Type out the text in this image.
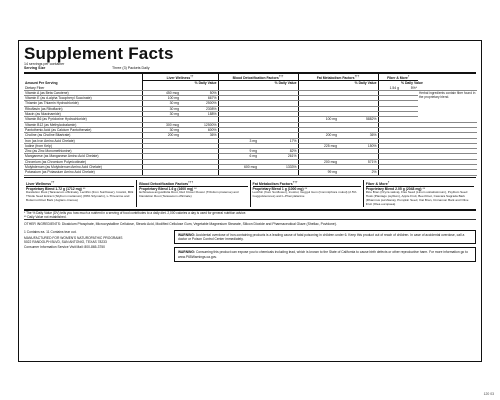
Supplement Facts
14 servings per container
Serving Size	Three (3) Packets Daily
	Liver Wellness††		Blood Detoxification Factors†††		Fat Metabolism Factors†††		Fiber & More†	
Amount Per Serving		% Daily Value		% Daily Value		% Daily Value		% Daily Value	
Dietary Fiber							1.54 g	5%*	
Vitamin A (as Beta Carotene)	450 mcg	50%							Herbal ingredients contain fiber found in the proprietary blend.
Vitamin E (as d-alpha Tocopheryl Succinate)	100 mg	667%							
Thiamin (as Thiamin Hydrochloride)	30 mg	2500%							
Riboflavin (as Riboflavin)	30 mg	2308%							
Niacin (as Niacinamide)	30 mg	188%							
Vitamin B6 (as Pyridoxine Hydrochloride)					100 mg	5882%			
Vitamin B12 (as Methylcobalamin)	300 mcg	12500%							
Pantothenic Acid (as Calcium Pantothenate)	30 mg	600%							
Choline (as Choline Bitartrate)	200 mg	36%			200 mg	36%			
Iron (as Iron Amino Acid Chelate)			3 mg	17%					
Iodine (from Kelp)					225 mcg	150%			
Zinc (as Zinc Monomethionine)			9 mg	82%					
Manganese (as Manganese Amino Acid Chelate)			6 mg	261%					
Chromium (as Chromium Polynicotinate)					200 mcg	571%			
Molybdenum (as Molybdenum Amino Acid Chelate)			600 mcg	1333%					
Potassium (as Potassium Amino Acid Chelate)					99 mg	2%			
Liver Wellness††
Proprietary Blend 1.72 g (1712 mg) **
Dandelion Root (Taraxacum officinale), Lecithin (from Sunflower), Inositol, Milk Thistle Seed Extract (Silybum marianum) (80% Silymarin), L-Threonine and Butternut Root Bark (Juglans cinerea)
Blood Detoxification Factors†††
Proprietary Blend 1.6 g (1600 mg) **
Echinacea angustifolia Root, Red Clover Flower (Trifolium pratense) and Dandelion Root (Taraxacum officinale)
Fat Metabolism Factors†††
Proprietary Blend 1 g (1000 mg) **
Lecithin (from Sunflower), Inositol, Guggul Gum (Commiphora mukul) (2.5% Guggulsterones) and L-Phenylalanine
Fiber & More†
Proprietary Blend 2.05 g (2048 mg) **
Rice Bran (Oryza sativa), Flax Seed (Linum usitatissimum), Psyllium Seed Husk (Plantago psyllium), Apple Fruit, Beet Root, Cascara Sagrada Bark (Rhamnus purshiana), Pumpkin Seed, Oat Bran, Cinnamon Bark and Olive Fruit (Olea europaea)
* The % Daily Value (DV) tells you how much a nutrient in a serving of food contributes to a daily diet. 2,000 calories a day is used for general nutrition advice.
** Daily Value not established.
OTHER INGREDIENTS: Dicalcium Phosphate, Microcrystalline Cellulose, Stearic Acid, Modified Cellulose Gum, Vegetable Magnesium Stearate, Silicon Dioxide and Pharmaceutical Glaze (Shellac, Povidone).
1 Contains ea. 11 Contains tear out.
MANUFACTURED FOR WOMEN'S NATUROPATHIC PROGRAMS
5022 RANDOLPH BLVD, SAN ANTONIO, TEXAS 78233
Consumer Information Service Visit Mail: 800-865-3750
WARNING: Accidental overdose of iron-containing products is a leading cause of fatal poisoning in children under 6. Keep this product out of reach of children. In case of accidental overdose, call a doctor or Poison Control Center immediately.
WARNING: Consuming this product can expose you to chemicals including lead, which is known to the State of California to cause birth defects or other reproductive harm. For more information go to www.P65Warnings.ca.gov.
120 03
